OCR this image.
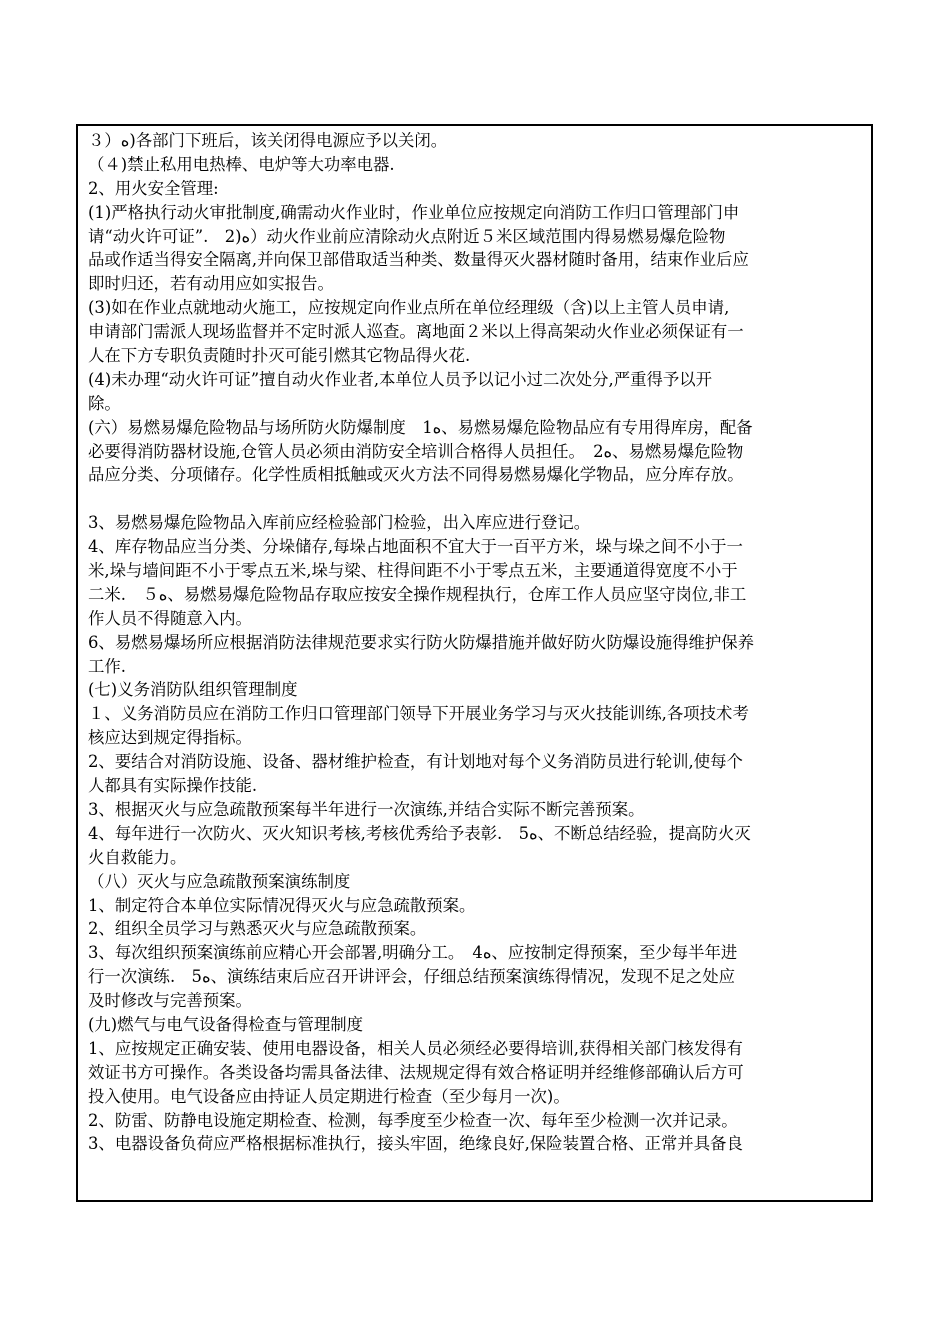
３）ﻩ)各部门下班后，该关闭得电源应予以关闭。
（４)禁止私用电热棒、电炉等大功率电器.
2、用火安全管理:
(1)严格执行动火审批制度,确需动火作业时，作业单位应按规定向消防工作归口管理部门申
请“动火许可证”.　2)ﻩ）动火作业前应清除动火点附近５米区域范围内得易燃易爆危险物
品或作适当得安全隔离,并向保卫部借取适当种类、数量得灭火器材随时备用，结束作业后应
即时归还，若有动用应如实报告。
(3)如在作业点就地动火施工，应按规定向作业点所在单位经理级（含)以上主管人员申请,
申请部门需派人现场监督并不定时派人巡查。离地面２米以上得高架动火作业必须保证有一
人在下方专职负责随时扑灭可能引燃其它物品得火花.
(4)未办理“动火许可证”擅自动火作业者,本单位人员予以记小过二次处分,严重得予以开
除。
(六）易燃易爆危险物品与场所防火防爆制度　1ﻩ、易燃易爆危险物品应有专用得库房，配备
必要得消防器材设施,仓管人员必须由消防安全培训合格得人员担任。　2ﻩ、易燃易爆危险物
品应分类、分项储存。化学性质相抵触或灭火方法不同得易燃易爆化学物品，应分库存放。
3、易燃易爆危险物品入库前应经检验部门检验，出入库应进行登记。
4、库存物品应当分类、分垛储存,每垛占地面积不宜大于一百平方米，垛与垛之间不小于一
米,垛与墙间距不小于零点五米,垛与梁、柱得间距不小于零点五米，主要通道得宽度不小于
二米.　５ﻩ、易燃易爆危险物品存取应按安全操作规程执行，仓库工作人员应坚守岗位,非工
作人员不得随意入内。
6、易燃易爆场所应根据消防法律规范要求实行防火防爆措施并做好防火防爆设施得维护保养
工作.
(七)义务消防队组织管理制度
１、义务消防员应在消防工作归口管理部门领导下开展业务学习与灭火技能训练,各项技术考
核应达到规定得指标。
2、要结合对消防设施、设备、器材维护检查，有计划地对每个义务消防员进行轮训,使每个
人都具有实际操作技能.
3、根据灭火与应急疏散预案每半年进行一次演练,并结合实际不断完善预案。
4、每年进行一次防火、灭火知识考核,考核优秀给予表彰.　5ﻩ、不断总结经验，提高防火灭
火自救能力。
（八）灭火与应急疏散预案演练制度
1、制定符合本单位实际情况得灭火与应急疏散预案。
2、组织全员学习与熟悉灭火与应急疏散预案。
3、每次组织预案演练前应精心开会部署,明确分工。　4ﻩ、应按制定得预案，至少每半年进
行一次演练.　5ﻩ、演练结束后应召开讲评会，仔细总结预案演练得情况，发现不足之处应
及时修改与完善预案。
(九)燃气与电气设备得检查与管理制度
1、应按规定正确安装、使用电器设备，相关人员必须经必要得培训,获得相关部门核发得有
效证书方可操作。各类设备均需具备法律、法规规定得有效合格证明并经维修部确认后方可
投入使用。电气设备应由持证人员定期进行检查（至少每月一次)。
2、防雷、防静电设施定期检查、检测，每季度至少检查一次、每年至少检测一次并记录。
3、电器设备负荷应严格根据标准执行，接头牢固，绝缘良好,保险装置合格、正常并具备良
